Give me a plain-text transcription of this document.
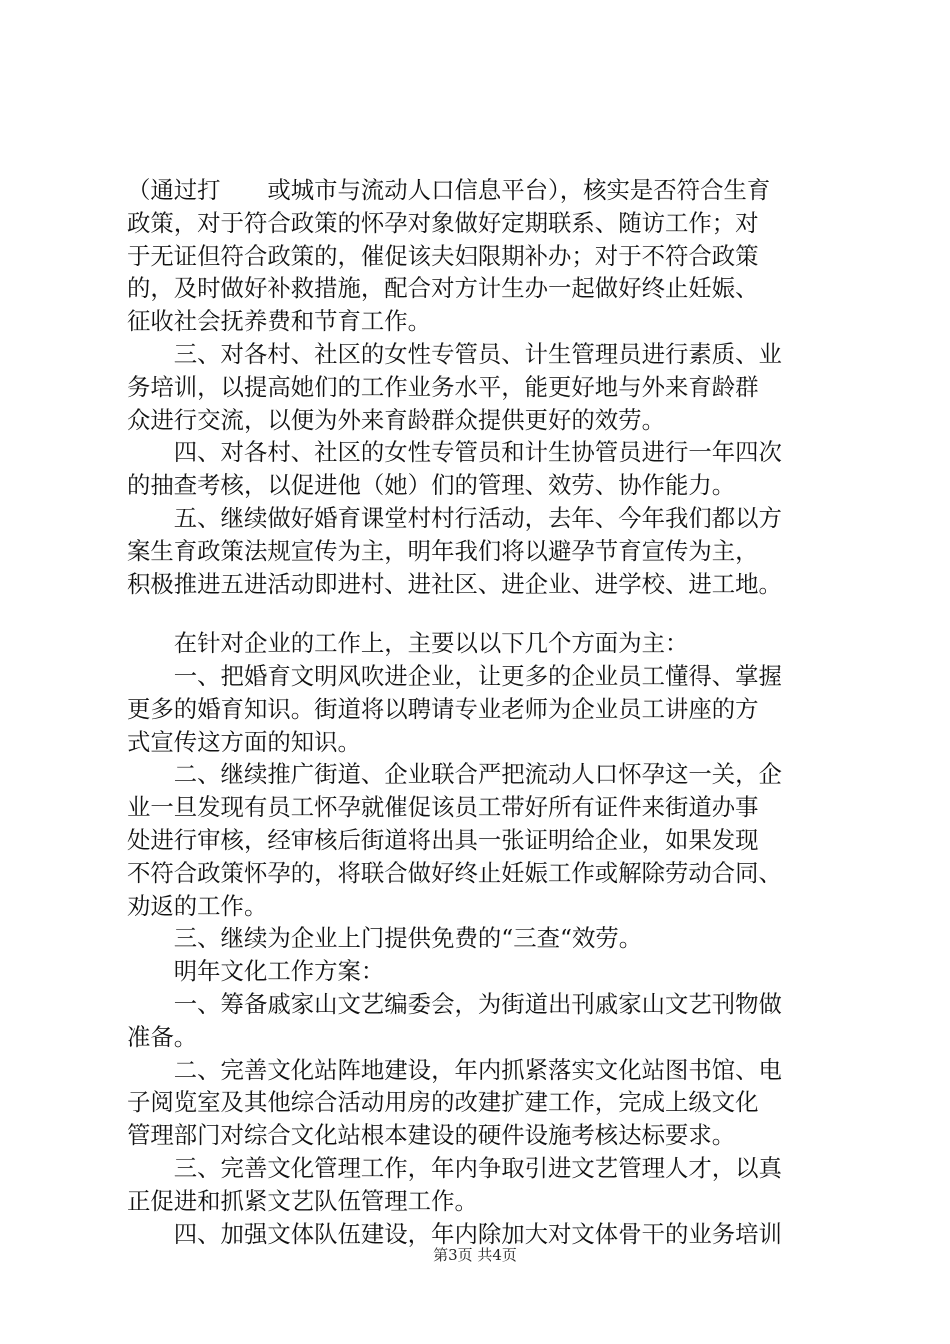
（通过打　　或城市与流动人口信息平台），核实是否符合生育
政策，对于符合政策的怀孕对象做好定期联系、随访工作；对
于无证但符合政策的，催促该夫妇限期补办；对于不符合政策
的，及时做好补救措施，配合对方计生办一起做好终止妊娠、
征收社会抚养费和节育工作。
　　三、对各村、社区的女性专管员、计生管理员进行素质、业
务培训，以提高她们的工作业务水平，能更好地与外来育龄群
众进行交流，以便为外来育龄群众提供更好的效劳。
　　四、对各村、社区的女性专管员和计生协管员进行一年四次
的抽查考核，以促进他（她）们的管理、效劳、协作能力。
　　五、继续做好婚育课堂村村行活动，去年、今年我们都以方
案生育政策法规宣传为主，明年我们将以避孕节育宣传为主，
积极推进五进活动即进村、进社区、进企业、进学校、进工地。
　　在针对企业的工作上，主要以以下几个方面为主：
　　一、把婚育文明风吹进企业，让更多的企业员工懂得、掌握
更多的婚育知识。街道将以聘请专业老师为企业员工讲座的方
式宣传这方面的知识。
　　二、继续推广街道、企业联合严把流动人口怀孕这一关，企
业一旦发现有员工怀孕就催促该员工带好所有证件来街道办事
处进行审核，经审核后街道将出具一张证明给企业，如果发现
不符合政策怀孕的，将联合做好终止妊娠工作或解除劳动合同、
劝返的工作。
　　三、继续为企业上门提供免费的“三查“效劳。
　　明年文化工作方案：
　　一、筹备戚家山文艺编委会，为街道出刊戚家山文艺刊物做
准备。
　　二、完善文化站阵地建设，年内抓紧落实文化站图书馆、电
子阅览室及其他综合活动用房的改建扩建工作，完成上级文化
管理部门对综合文化站根本建设的硬件设施考核达标要求。
　　三、完善文化管理工作，年内争取引进文艺管理人才，以真
正促进和抓紧文艺队伍管理工作。
　　四、加强文体队伍建设，年内除加大对文体骨干的业务培训
第3页 共4页
